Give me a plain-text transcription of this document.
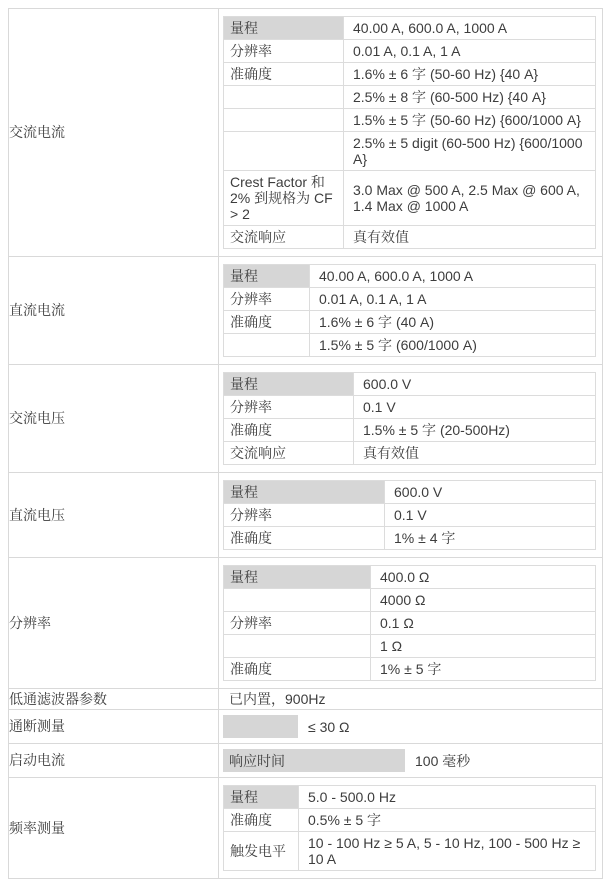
交流电流	
量程	40.00 A, 600.0 A, 1000 A
分辨率	0.01 A, 0.1 A, 1 A
准确度	1.6% ± 6 字 (50-60 Hz) {40 A}
	2.5% ± 8 字 (60-500 Hz) {40 A}
	1.5% ± 5 字 (50-60 Hz) {600/1000 A}
	2.5% ± 5 digit (60-500 Hz) {600/1000 A}
Crest Factor 和 2% 到规格为 CF > 2	3.0 Max @ 500 A, 2.5 Max @ 600 A, 1.4 Max @ 1000 A
交流响应	真有效值

直流电流	
量程	40.00 A, 600.0 A, 1000 A
分辨率	0.01 A, 0.1 A, 1 A
准确度	1.6% ± 6 字 (40 A)
	1.5% ± 5 字 (600/1000 A)

交流电压	
量程	600.0 V
分辨率	0.1 V
准确度	1.5% ± 5 字 (20-500Hz)
交流响应	真有效值

直流电压	
量程	600.0 V
分辨率	0.1 V
准确度	1% ± 4 字

分辨率	
量程	400.0 Ω
	4000 Ω
分辨率	0.1 Ω
	1 Ω
准确度	1% ± 5 字

低通滤波器参数	已内置，900Hz

通断测量	≤ 30 Ω

启动电流	响应时间	100 毫秒

频率测量	
量程	5.0 - 500.0 Hz
准确度	0.5% ± 5 字
触发电平	10 - 100 Hz ≥ 5 A, 5 - 10 Hz, 100 - 500 Hz ≥ 10 A
